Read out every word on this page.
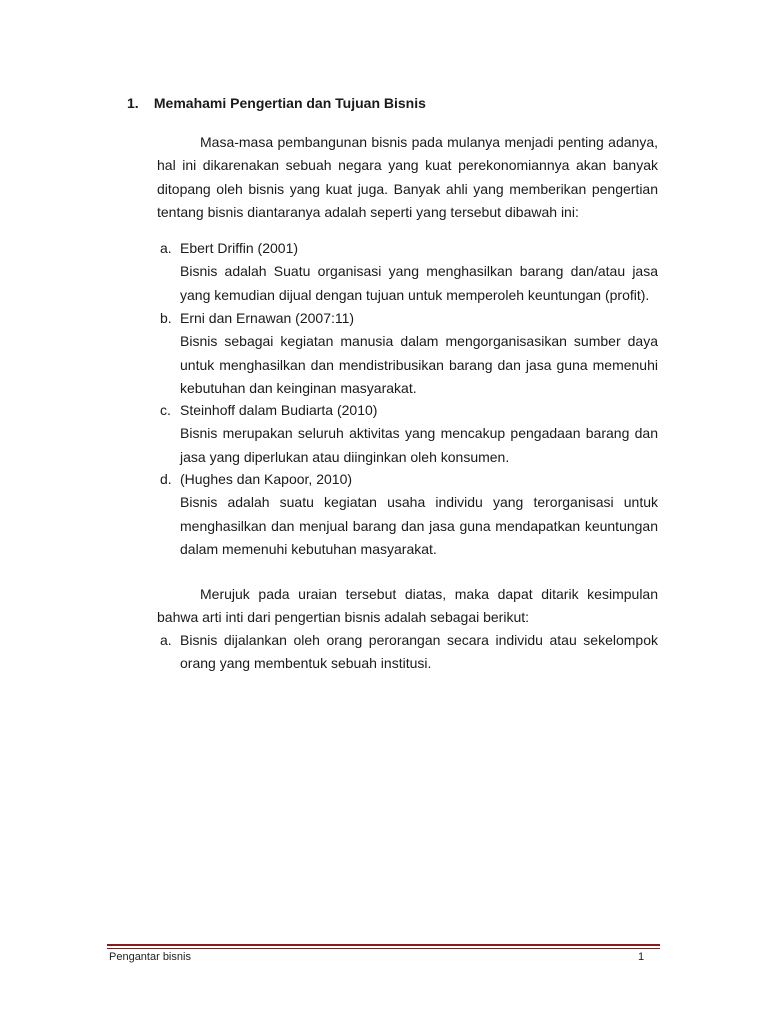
1. Memahami Pengertian dan Tujuan Bisnis
Masa-masa pembangunan bisnis pada mulanya menjadi penting adanya,
hal ini dikarenakan sebuah negara yang kuat perekonomiannya akan banyak
ditopang oleh bisnis yang kuat juga. Banyak ahli yang memberikan pengertian
tentang bisnis diantaranya adalah seperti yang tersebut dibawah ini:
a. Ebert Driffin (2001)
Bisnis adalah Suatu organisasi yang menghasilkan barang dan/atau jasa
yang kemudian dijual dengan tujuan untuk memperoleh keuntungan (profit).
b. Erni dan Ernawan (2007:11)
Bisnis sebagai kegiatan manusia dalam mengorganisasikan sumber daya
untuk menghasilkan dan mendistribusikan barang dan jasa guna memenuhi
kebutuhan dan keinginan masyarakat.
c. Steinhoff dalam Budiarta (2010)
Bisnis merupakan seluruh aktivitas yang mencakup pengadaan barang dan
jasa yang diperlukan atau diinginkan oleh konsumen.
d. (Hughes dan Kapoor, 2010)
Bisnis adalah suatu kegiatan usaha individu yang terorganisasi untuk
menghasilkan dan menjual barang dan jasa guna mendapatkan keuntungan
dalam memenuhi kebutuhan masyarakat.
Merujuk pada uraian tersebut diatas, maka dapat ditarik kesimpulan
bahwa arti inti dari pengertian bisnis adalah sebagai berikut:
a. Bisnis dijalankan oleh orang perorangan secara individu atau sekelompok
orang yang membentuk sebuah institusi.
Pengantar bisnis	1
